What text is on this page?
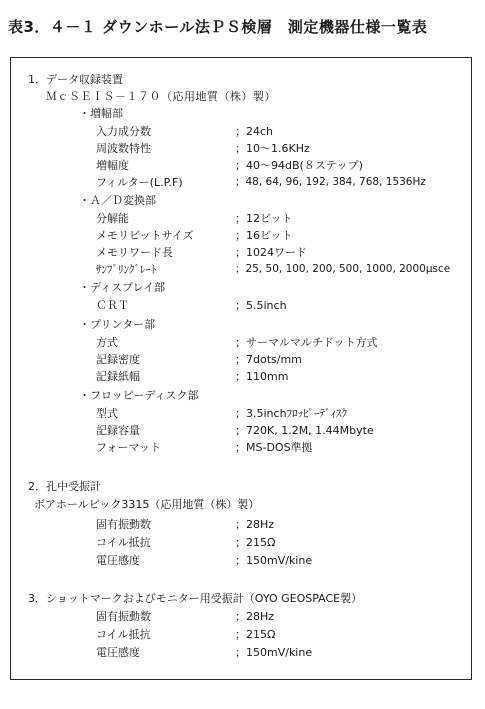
表3．４－１ ダウンホール法ＰＳ検層　測定機器仕様一覧表
1．データ収録装置
ＭｃＳＥＩＳ－１７０（応用地質（株）製）
・増幅部
入力成分数	；24ch
周波数特性	；10～1.6KHz
増幅度	；40～94dB(８ステップ)
フィルター(L.P.F)	；48, 64, 96, 192, 384, 768, 1536Hz
・Ａ／Ｄ変換部
分解能	；12ビット
メモリビットサイズ	；16ビット
メモリワード長	；1024ワード
ｻﾝﾌﾟﾘﾝｸﾞﾚｰﾄ	；25, 50, 100, 200, 500, 1000, 2000μsce
・ディスプレイ部
ＣＲＴ	；5.5inch
・プリンター部
方式	；サーマルマルチドット方式
記録密度	；7dots/mm
記録紙幅	；110mm
・フロッピーディスク部
型式	；3.5inchﾌﾛｯﾋﾟｰﾃﾞｨｽｸ
記録容量	；720K, 1.2M, 1.44Mbyte
フォーマット	；MS-DOS準拠
2．孔中受振計
ボアホールピック3315（応用地質（株）製）
固有振動数	；28Hz
コイル抵抗	；215Ω
電圧感度	；150mV/kine
3．ショットマークおよびモニター用受振計（OYO GEOSPACE製）
固有振動数	；28Hz
コイル抵抗	；215Ω
電圧感度	；150mV/kine
